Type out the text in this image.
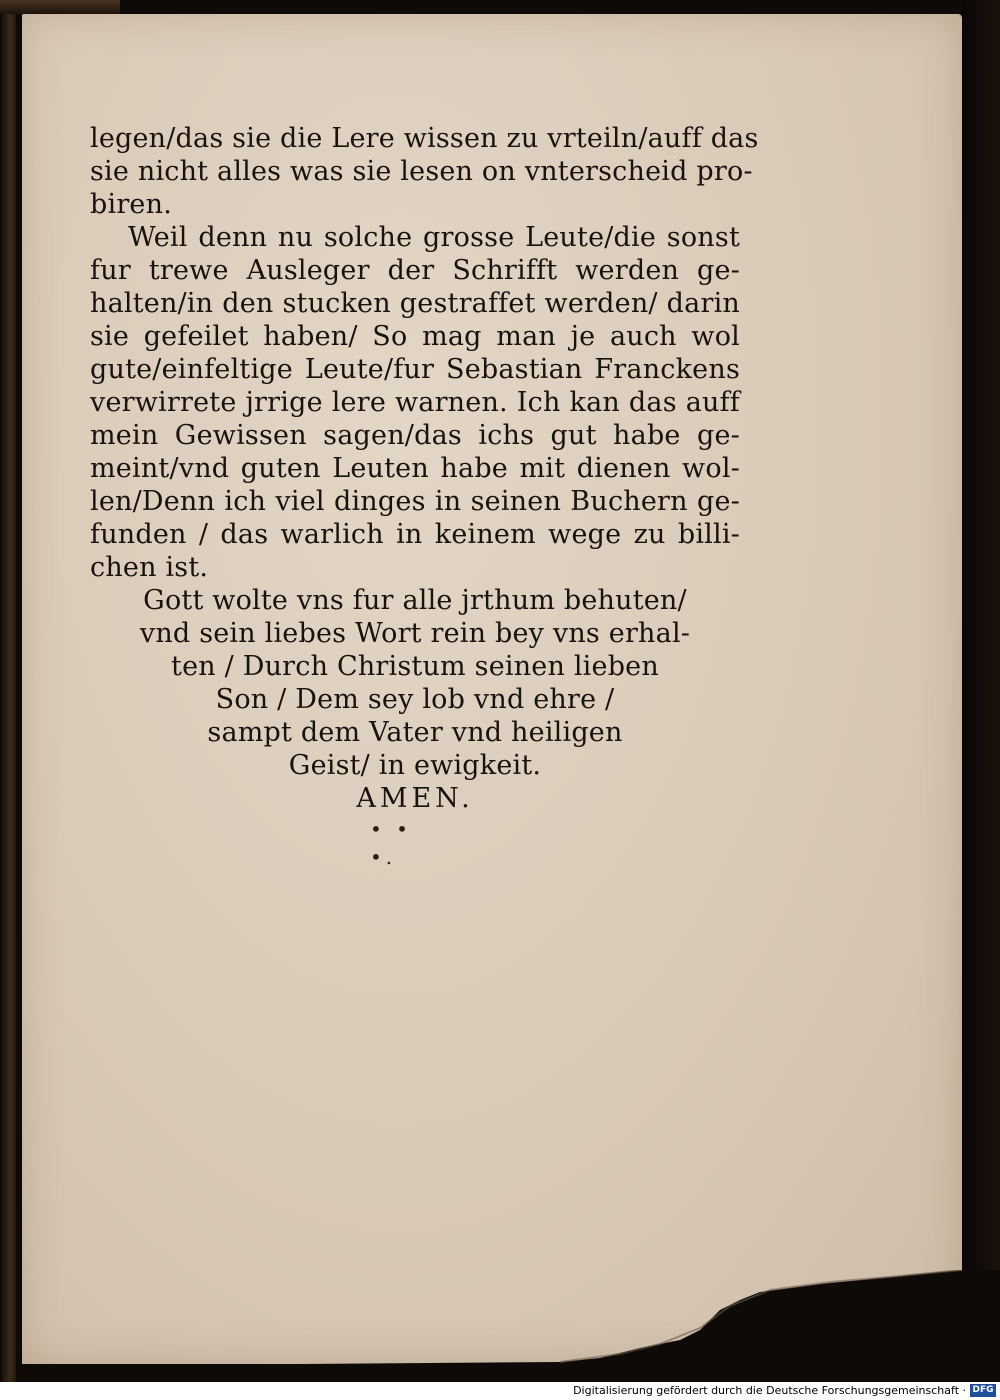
legen/das sie die Lere wissen zu vrteiln/auff das
sie nicht alles was sie lesen on vnterscheid pro-
biren.
Weil denn nu solche grosse Leute/die sonst
fur trewe Ausleger der Schrifft werden ge-
halten/in den stucken gestraffet werden/ darin
sie gefeilet haben/ So mag man je auch wol
gute/einfeltige Leute/fur Sebastian Franckens
verwirrete jrrige lere warnen. Ich kan das auff
mein Gewissen sagen/das ichs gut habe ge-
meint/vnd guten Leuten habe mit dienen wol-
len/Denn ich viel dinges in seinen Buchern ge-
funden / das warlich in keinem wege zu billi-
chen ist.
Gott wolte vns fur alle jrthum behuten/
vnd sein liebes Wort rein bey vns erhal-
ten / Durch Christum seinen lieben
Son / Dem sey lob vnd ehre /
sampt dem Vater vnd heiligen
Geist/ in ewigkeit.
AMEN.
• •
•.
Digitalisierung gefördert durch die Deutsche Forschungsgemeinschaft · DFG
